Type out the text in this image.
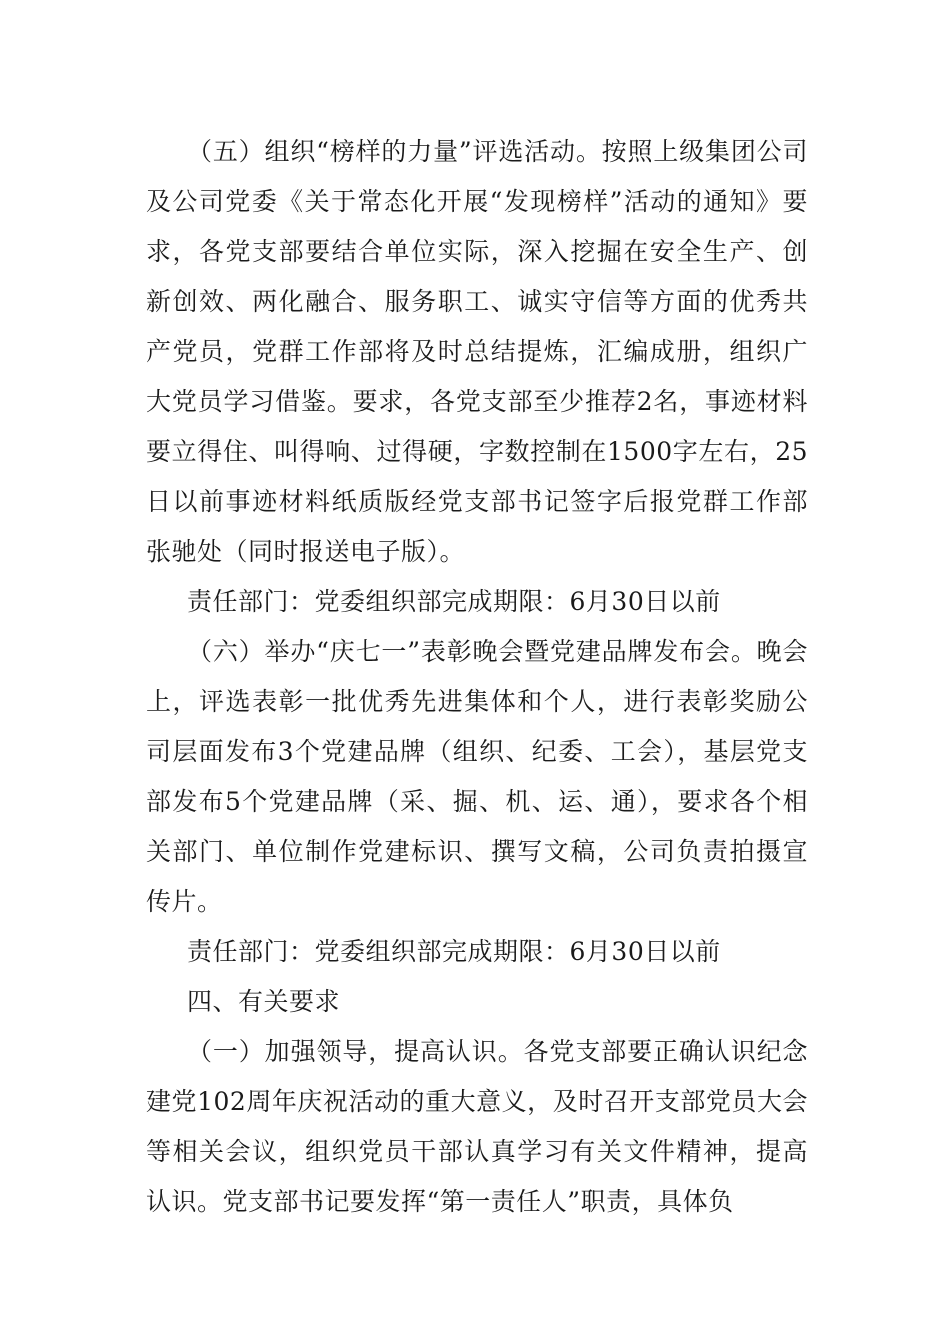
（五）组织“榜样的力量”评选活动。按照上级集团公司及公司党委《关于常态化开展“发现榜样”活动的通知》要求，各党支部要结合单位实际，深入挖掘在安全生产、创新创效、两化融合、服务职工、诚实守信等方面的优秀共产党员，党群工作部将及时总结提炼，汇编成册，组织广大党员学习借鉴。要求，各党支部至少推荐2名，事迹材料要立得住、叫得响、过得硬，字数控制在1500字左右，25日以前事迹材料纸质版经党支部书记签字后报党群工作部张驰处（同时报送电子版）。

责任部门：党委组织部完成期限：6月30日以前

（六）举办“庆七一”表彰晚会暨党建品牌发布会。晚会上，评选表彰一批优秀先进集体和个人，进行表彰奖励公司层面发布3个党建品牌（组织、纪委、工会），基层党支部发布5个党建品牌（采、掘、机、运、通），要求各个相关部门、单位制作党建标识、撰写文稿，公司负责拍摄宣传片。

责任部门：党委组织部完成期限：6月30日以前

四、有关要求

（一）加强领导，提高认识。各党支部要正确认识纪念建党102周年庆祝活动的重大意义，及时召开支部党员大会等相关会议，组织党员干部认真学习有关文件精神，提高认识。党支部书记要发挥“第一责任人”职责，具体负
